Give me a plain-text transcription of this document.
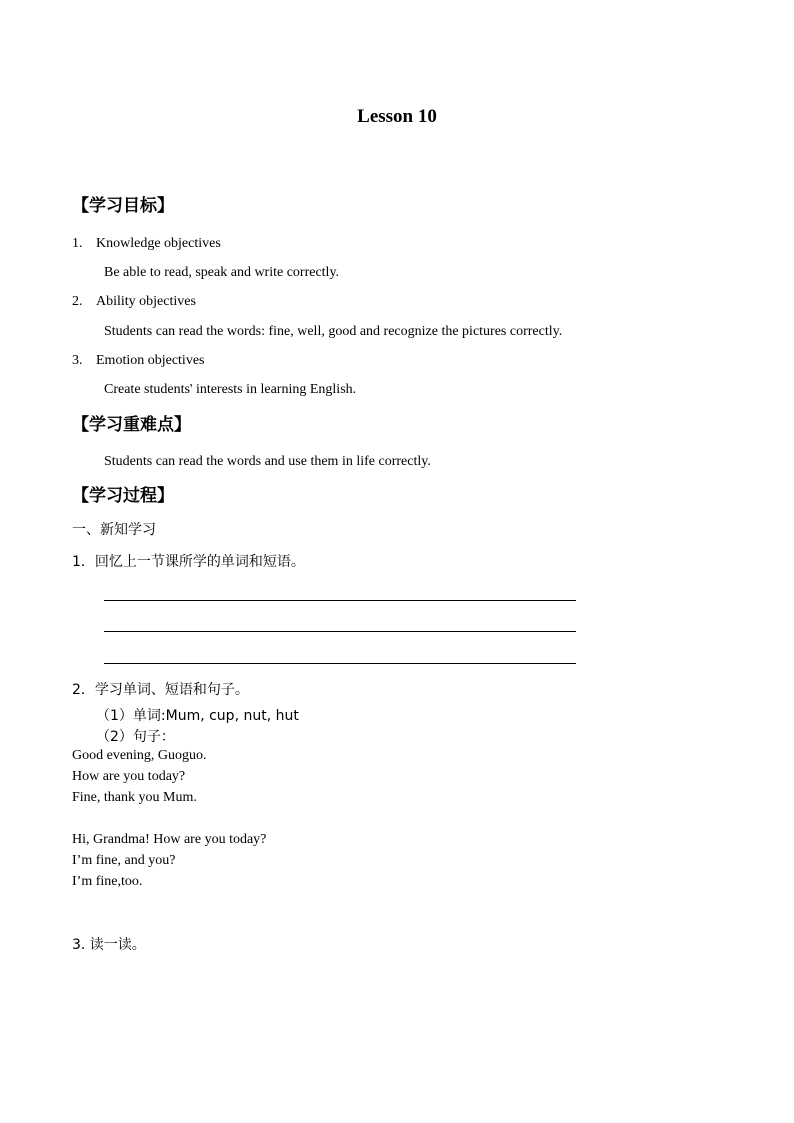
Lesson 10
【学习目标】
1. Knowledge objectives
Be able to read, speak and write correctly.
2. Ability objectives
Students can read the words: fine, well, good and recognize the pictures correctly.
3. Emotion objectives
Create students' interests in learning English.
【学习重难点】
Students can read the words and use them in life correctly.
【学习过程】
一、新知学习
1．回忆上一节课所学的单词和短语。
2．学习单词、短语和句子。
（1）单词:Mum, cup, nut, hut
（2）句子：
Good evening, Guoguo.
How are you today?
Fine, thank you Mum.
Hi, Grandma! How are you today?
I’m fine, and you?
I’m fine,too.
3. 读一读。
